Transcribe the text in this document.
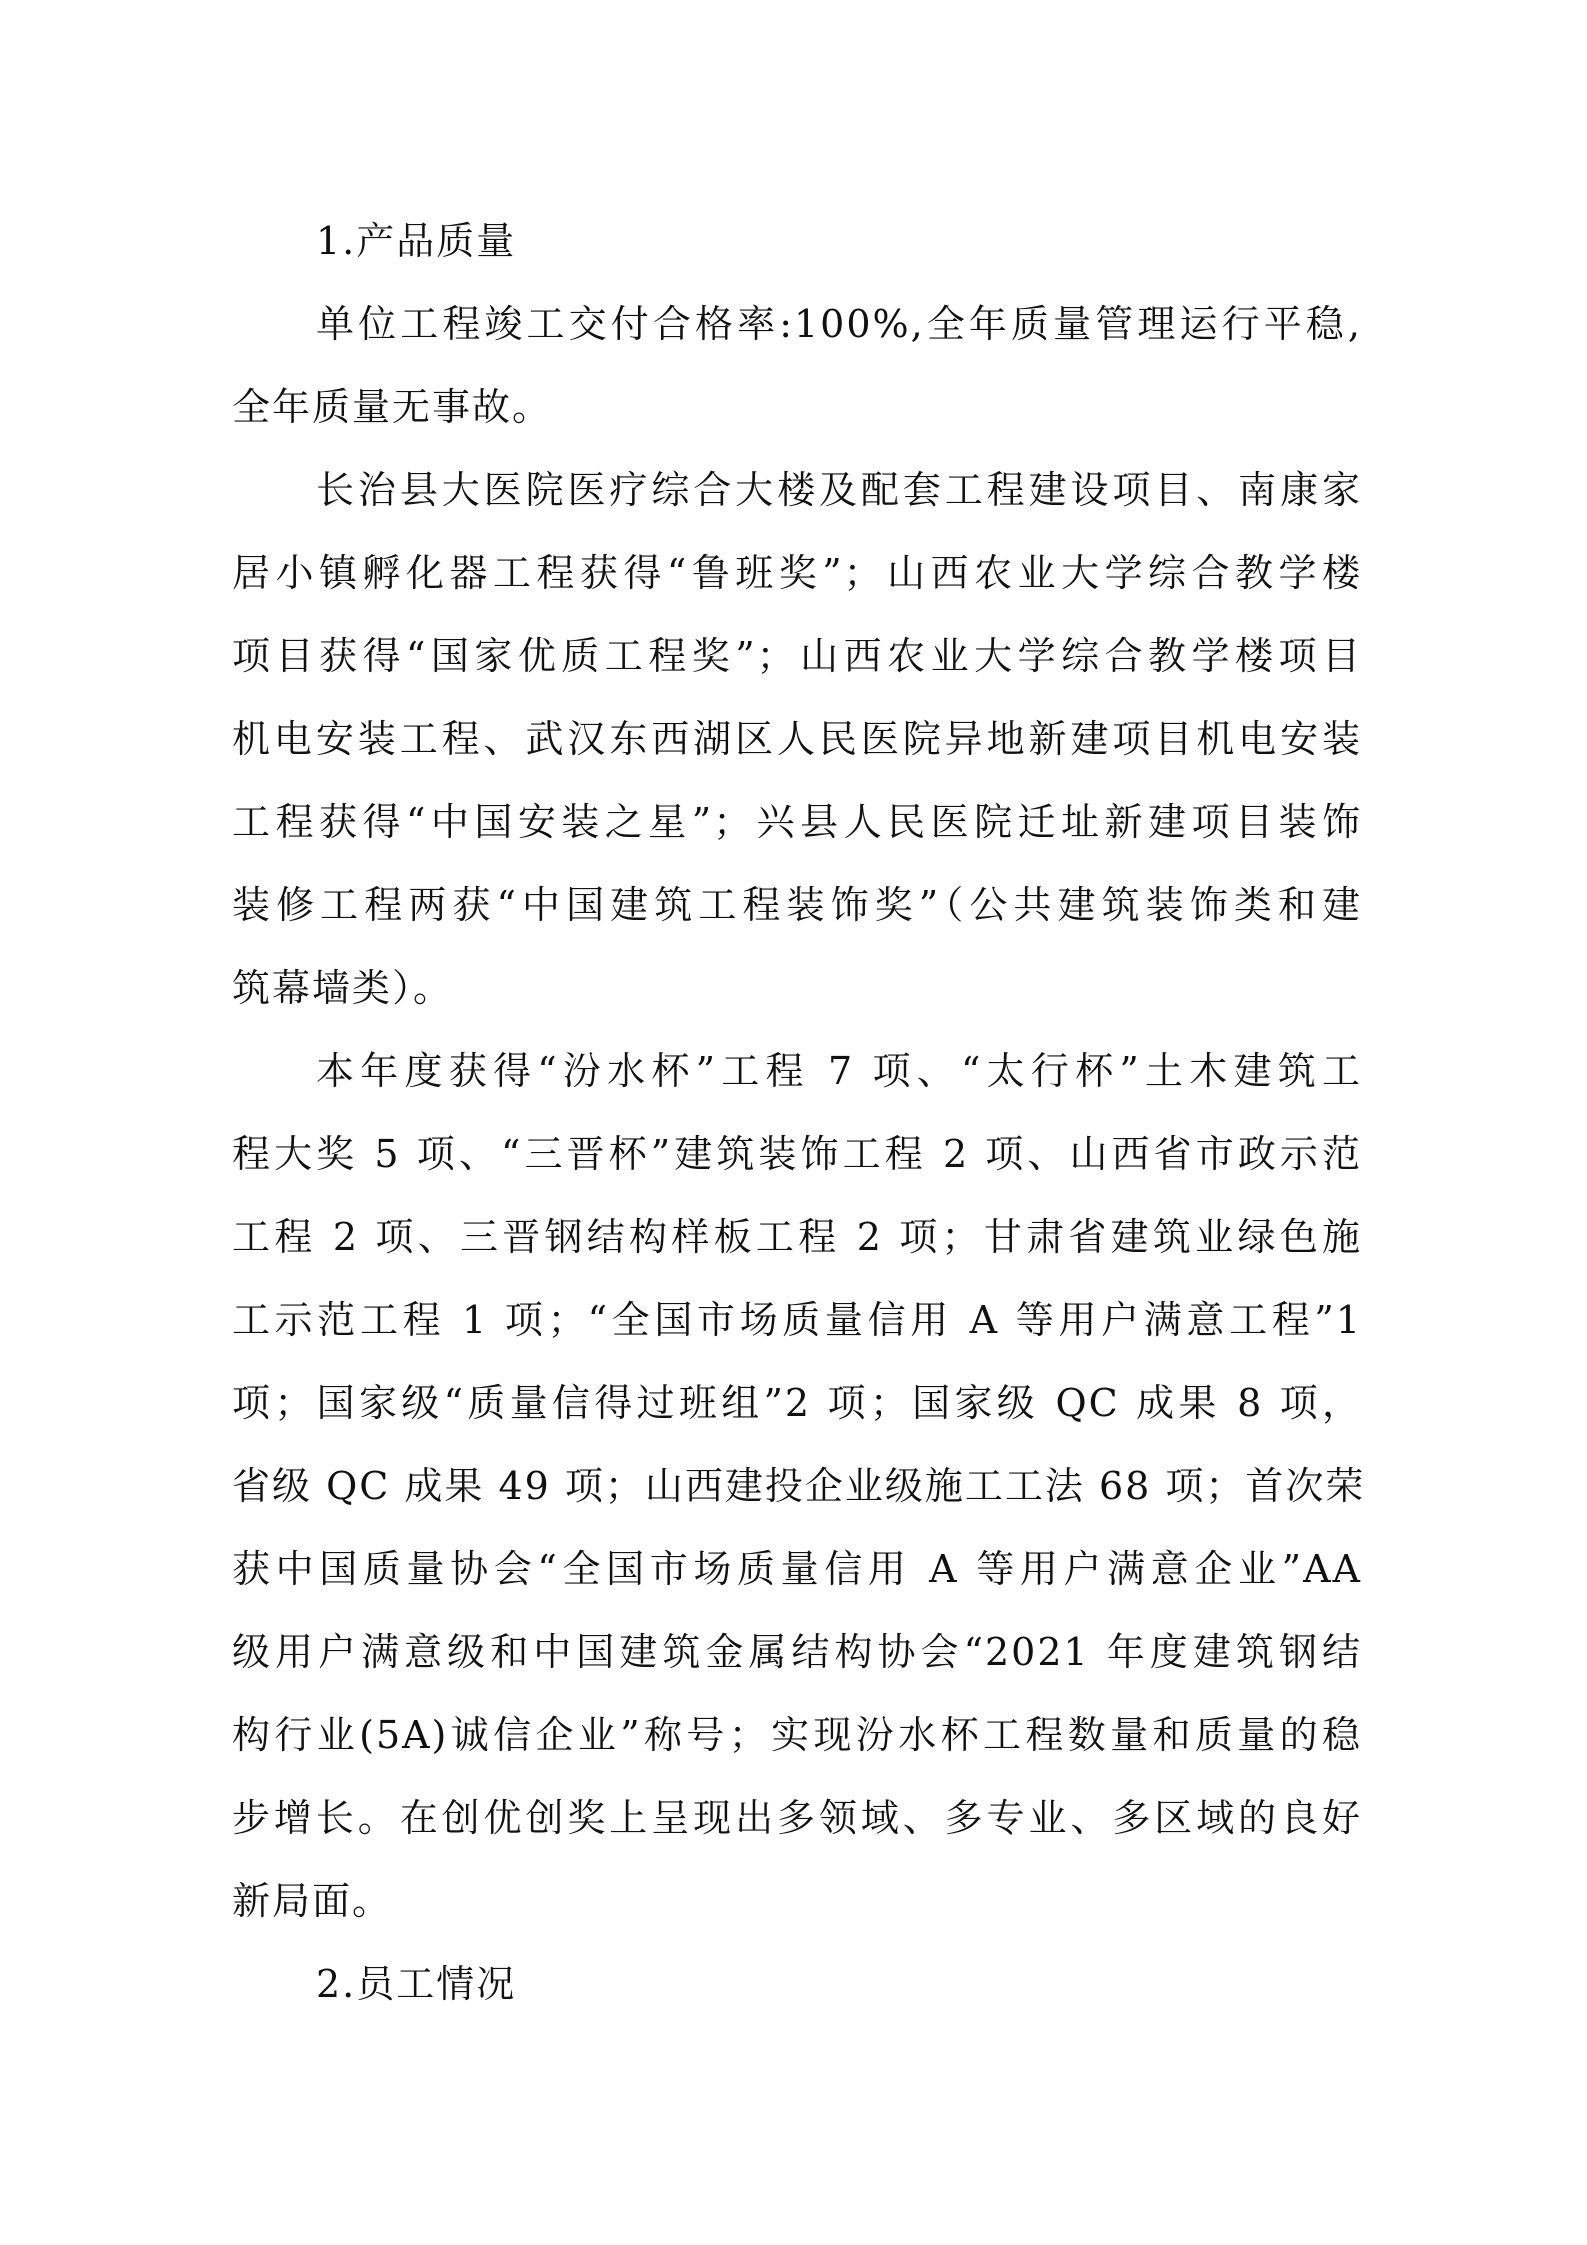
1.产品质量
单位工程竣工交付合格率:100%,全年质量管理运行平稳,
全年质量无事故。
长治县大医院医疗综合大楼及配套工程建设项目、南康家
居小镇孵化器工程获得“鲁班奖”；山西农业大学综合教学楼
项目获得“国家优质工程奖”；山西农业大学综合教学楼项目
机电安装工程、武汉东西湖区人民医院异地新建项目机电安装
工程获得“中国安装之星”；兴县人民医院迁址新建项目装饰
装修工程两获“中国建筑工程装饰奖”（公共建筑装饰类和建
筑幕墙类）。
本年度获得“汾水杯”工程 7 项、“太行杯”土木建筑工
程大奖 5 项、“三晋杯”建筑装饰工程 2 项、山西省市政示范
工程 2 项、三晋钢结构样板工程 2 项；甘肃省建筑业绿色施
工示范工程 1 项；“全国市场质量信用 A 等用户满意工程”1
项；国家级“质量信得过班组”2 项；国家级 QC 成果 8 项，
省级 QC 成果 49 项；山西建投企业级施工工法 68 项；首次荣
获中国质量协会“全国市场质量信用 A 等用户满意企业”AA
级用户满意级和中国建筑金属结构协会“2021 年度建筑钢结
构行业(5A)诚信企业”称号；实现汾水杯工程数量和质量的稳
步增长。在创优创奖上呈现出多领域、多专业、多区域的良好
新局面。
2.员工情况
